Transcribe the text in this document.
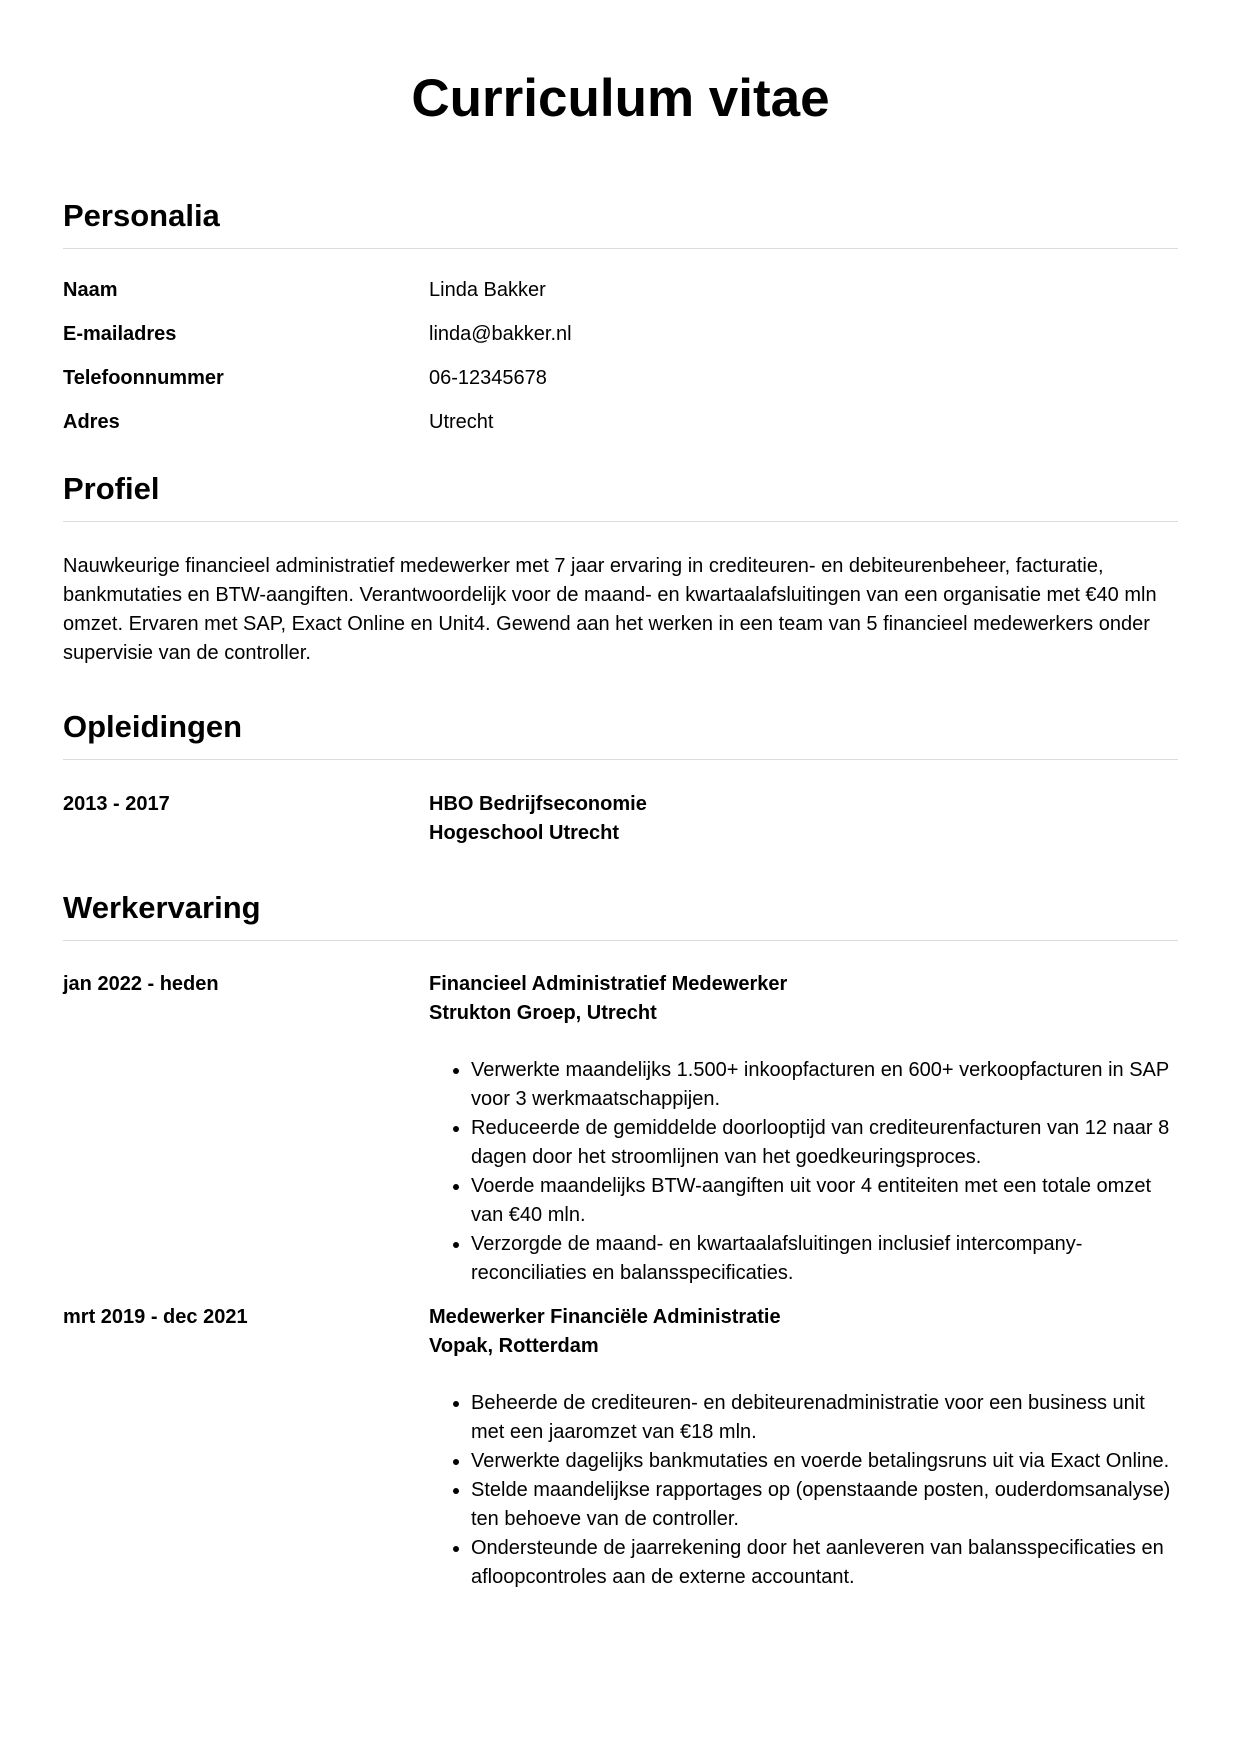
Curriculum vitae
Personalia
Naam	Linda Bakker
E-mailadres	linda@bakker.nl
Telefoonnummer	06-12345678
Adres	Utrecht
Profiel

Nauwkeurige financieel administratief medewerker met 7 jaar ervaring in crediteuren- en debiteurenbeheer, facturatie, bankmutaties en BTW-aangiften. Verantwoordelijk voor de maand- en kwartaalafsluitingen van een organisatie met €40 mln omzet. Ervaren met SAP, Exact Online en Unit4. Gewend aan het werken in een team van 5 financieel medewerkers onder supervisie van de controller.

Opleidingen
2013 - 2017	HBO Bedrijfseconomie
Hogeschool Utrecht
Werkervaring
jan 2022 - heden	Financieel Administratief Medewerker
Strukton Groep, Utrecht
• Verwerkte maandelijks 1.500+ inkoopfacturen en 600+ verkoopfacturen in SAP voor 3 werkmaatschappijen.
• Reduceerde de gemiddelde doorlooptijd van crediteurenfacturen van 12 naar 8 dagen door het stroomlijnen van het goedkeuringsproces.
• Voerde maandelijks BTW-aangiften uit voor 4 entiteiten met een totale omzet van €40 mln.
• Verzorgde de maand- en kwartaalafsluitingen inclusief intercompany-reconciliaties en balansspecificaties.
mrt 2019 - dec 2021	Medewerker Financiële Administratie
Vopak, Rotterdam
• Beheerde de crediteuren- en debiteurenadministratie voor een business unit met een jaaromzet van €18 mln.
• Verwerkte dagelijks bankmutaties en voerde betalingsruns uit via Exact Online.
• Stelde maandelijkse rapportages op (openstaande posten, ouderdomsanalyse) ten behoeve van de controller.
• Ondersteunde de jaarrekening door het aanleveren van balansspecificaties en afloopcontroles aan de externe accountant.
